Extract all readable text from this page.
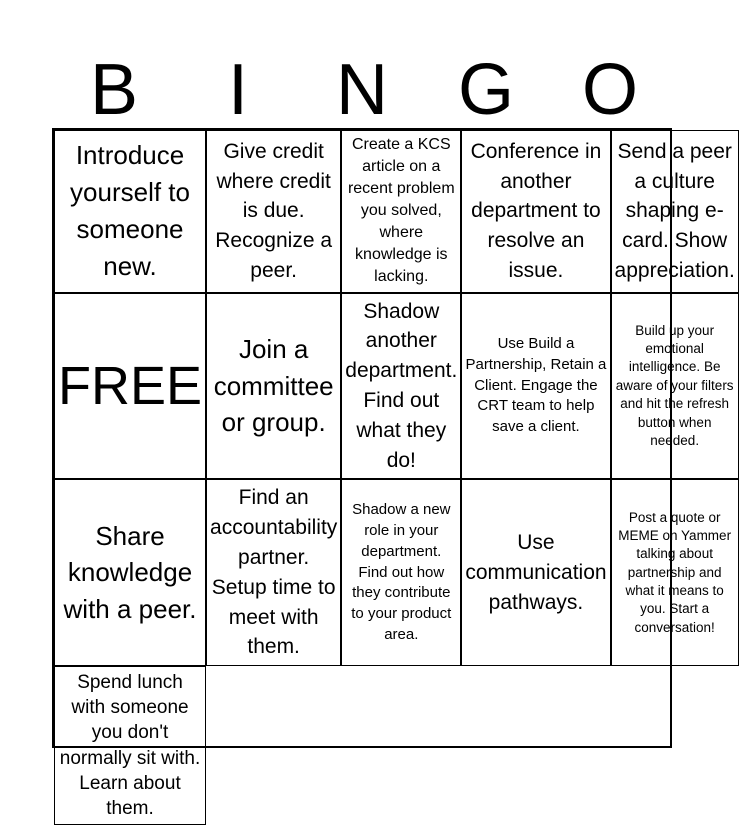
B	I	N G O
Introduce yourself to someone new.
Give credit where credit is due. Recognize a peer.
Create a KCS article on a recent problem you solved, where knowledge is lacking.
Conference in another department to resolve an issue.
Send a peer a culture shaping e-card. Show appreciation.
FREE
Join a committee or group.
Shadow another department. Find out what they do!
Use Build a Partnership, Retain a Client. Engage the CRT team to help save a client.
Build up your emotional intelligence. Be aware of your filters and hit the refresh button when needed.
Share knowledge with a peer.
Find an accountability partner. Setup time to meet with them.
Shadow a new role in your department. Find out how they contribute to your product area.
Use communication pathways.
Post a quote or MEME on Yammer talking about partnership and what it means to you. Start a conversation!
Spend lunch with someone you don't normally sit with. Learn about them.
